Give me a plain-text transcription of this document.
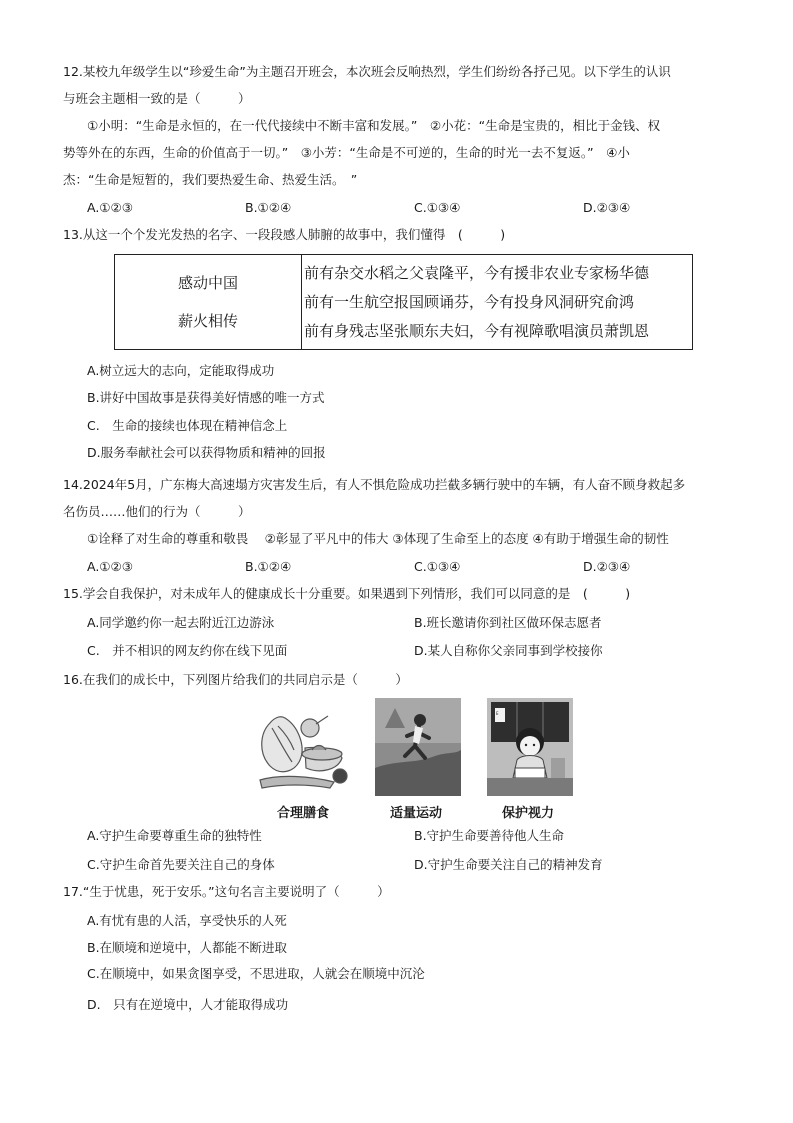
12.某校九年级学生以“珍爱生命”为主题召开班会，本次班会反响热烈，学生们纷纷各抒己见。以下学生的认识
与班会主题相一致的是（　　　）
①小明：“生命是永恒的，在一代代接续中不断丰富和发展。”　②小花：“生命是宝贵的，相比于金钱、权
势等外在的东西，生命的价值高于一切。”　③小芳：“生命是不可逆的，生命的时光一去不复返。”　④小
杰：“生命是短暂的，我们要热爱生命、热爱生活。　”
A.①②③	B.①②④	C.①③④	D.②③④
13.从这一个个发光发热的名字、一段段感人肺腑的故事中，我们懂得　(　　　)
感动中国
薪火相传

前有杂交水稻之父袁隆平，今有援非农业专家杨华德
前有一生航空报国顾诵芬，今有投身风洞研究俞鸿
前有身残志坚张顺东夫妇，今有视障歌唱演员萧凯恩
A.树立远大的志向，定能取得成功
B.讲好中国故事是获得美好情感的唯一方式
C.　生命的接续也体现在精神信念上
D.服务奉献社会可以获得物质和精神的回报
14.2024年5月，广东梅大高速塌方灾害发生后，有人不惧危险成功拦截多辆行驶中的车辆，有人奋不顾身救起多
名伤员……他们的行为（　　　）
①诠释了对生命的尊重和敬畏　 ②彰显了平凡中的伟大 ③体现了生命至上的态度 ④有助于增强生命的韧性
A.①②③	B.①②④	C.①③④	D.②③④
15.学会自我保护，对未成年人的健康成长十分重要。如果遇到下列情形，我们可以同意的是　(　　　)
A.同学邀约你一起去附近江边游泳	B.班长邀请你到社区做环保志愿者
C.　并不相识的网友约你在线下见面	D.某人自称你父亲同事到学校接你
16.在我们的成长中，下列图片给我们的共同启示是（　　　）
合理膳食	适量运动
E
保护视力
A.守护生命要尊重生命的独特性	B.守护生命要善待他人生命
C.守护生命首先要关注自己的身体	D.守护生命要关注自己的精神发育
17.“生于忧患，死于安乐。”这句名言主要说明了（　　　）
A.有忧有患的人活，享受快乐的人死
B.在顺境和逆境中，人都能不断进取
C.在顺境中，如果贪图享受，不思进取，人就会在顺境中沉沦
D.　只有在逆境中，人才能取得成功
